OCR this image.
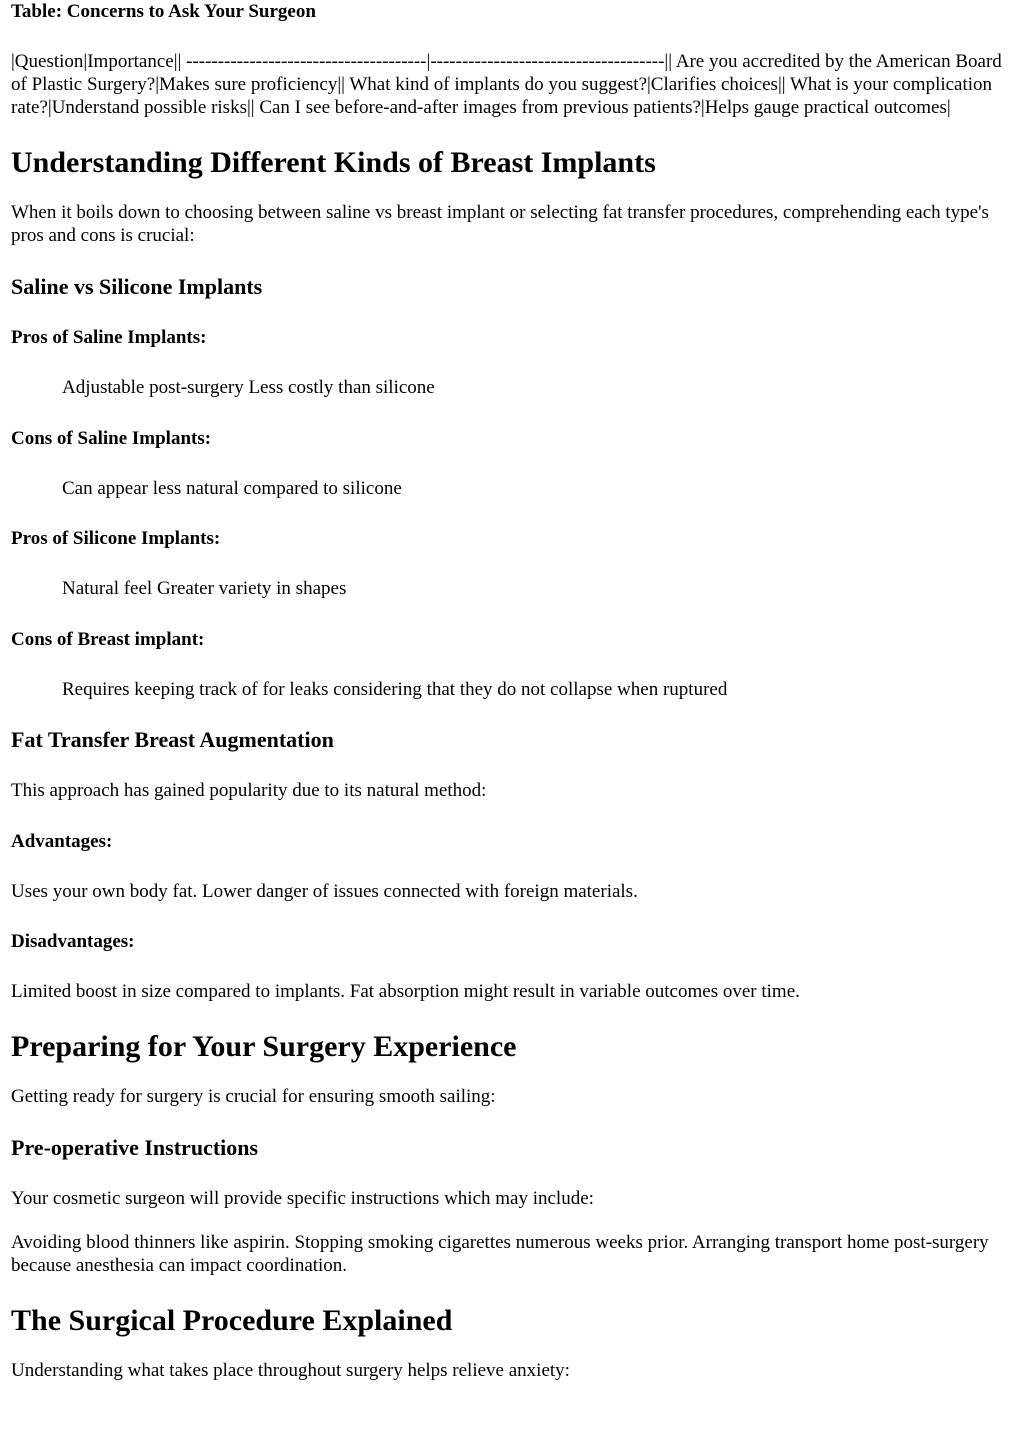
Table: Concerns to Ask Your Surgeon

|Question|Importance|| --------------------------------------|-------------------------------------|| Are you accredited by the American Board of Plastic Surgery?|Makes sure proficiency|| What kind of implants do you suggest?|Clarifies choices|| What is your complication rate?|Understand possible risks|| Can I see before-and-after images from previous patients?|Helps gauge practical outcomes|

Understanding Different Kinds of Breast Implants

When it boils down to choosing between saline vs breast implant or selecting fat transfer procedures, comprehending each type's pros and cons is crucial:

Saline vs Silicone Implants
Pros of Saline Implants:
Adjustable post-surgery Less costly than silicone
Cons of Saline Implants:
Can appear less natural compared to silicone
Pros of Silicone Implants:
Natural feel Greater variety in shapes
Cons of Breast implant:
Requires keeping track of for leaks considering that they do not collapse when ruptured
Fat Transfer Breast Augmentation

This approach has gained popularity due to its natural method:

Advantages:

Uses your own body fat. Lower danger of issues connected with foreign materials.

Disadvantages:

Limited boost in size compared to implants. Fat absorption might result in variable outcomes over time.

Preparing for Your Surgery Experience

Getting ready for surgery is crucial for ensuring smooth sailing:

Pre-operative Instructions

Your cosmetic surgeon will provide specific instructions which may include:

Avoiding blood thinners like aspirin. Stopping smoking cigarettes numerous weeks prior. Arranging transport home post-surgery because anesthesia can impact coordination.

The Surgical Procedure Explained

Understanding what takes place throughout surgery helps relieve anxiety:
